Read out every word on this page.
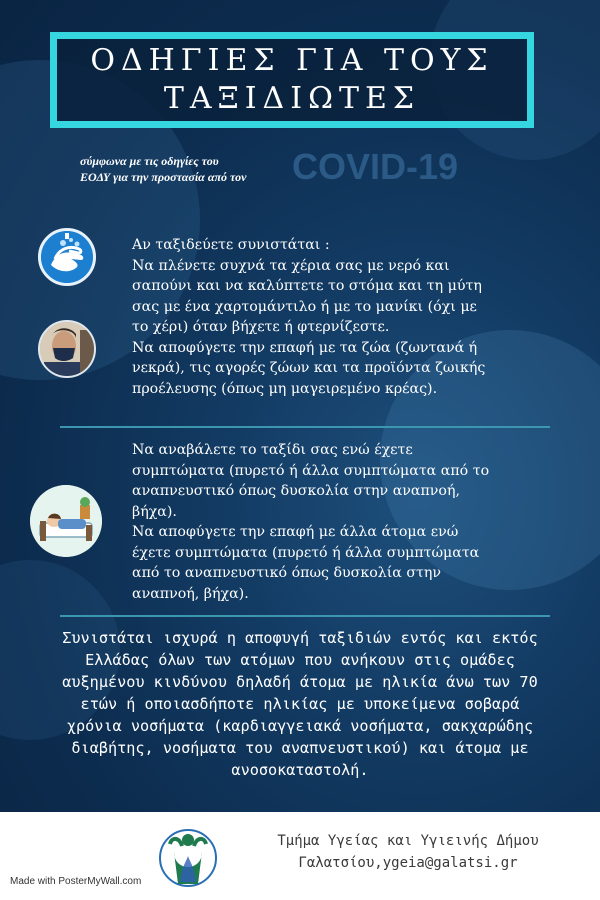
ΟΔΗΓΙΕΣ ΓΙΑ ΤΟΥΣ
ΤΑΞΙΔΙΩΤΕΣ
σύμφωνα με τις οδηγίες του
ΕΟΔΥ για την προστασία από τον	COVID-19
Αν ταξιδεύετε συνιστάται :
Να πλένετε συχνά τα χέρια σας με νερό και
σαπούνι και να καλύπτετε το στόμα και τη μύτη
σας με ένα χαρτομάντιλο ή με το μανίκι (όχι με
το χέρι) όταν βήχετε ή φτερνίζεστε.
Να αποφύγετε την επαφή με τα ζώα (ζωντανά ή
νεκρά), τις αγορές ζώων και τα προϊόντα ζωικής
προέλευσης (όπως μη μαγειρεμένο κρέας).
Να αναβάλετε το ταξίδι σας ενώ έχετε
συμπτώματα (πυρετό ή άλλα συμπτώματα από το
αναπνευστικό όπως δυσκολία στην αναπνοή,
βήχα).
Να αποφύγετε την επαφή με άλλα άτομα ενώ
έχετε συμπτώματα (πυρετό ή άλλα συμπτώματα
από το αναπνευστικό όπως δυσκολία στην
αναπνοή, βήχα).
Συνιστάται ισχυρά η αποφυγή ταξιδιών εντός και εκτός
Ελλάδας όλων των ατόμων που ανήκουν στις ομάδες
αυξημένου κινδύνου δηλαδή άτομα με ηλικία άνω των 70
ετών ή οποιασδήποτε ηλικίας με υποκείμενα σοβαρά
χρόνια νοσήματα (καρδιαγγειακά νοσήματα, σακχαρώδης
διαβήτης, νοσήματα του αναπνευστικού) και άτομα με
ανοσοκαταστολή.
Τμήμα Υγείας και Υγιεινής Δήμου
Γαλατσίου,ygeia@galatsi.gr
Made with PosterMyWall.com
